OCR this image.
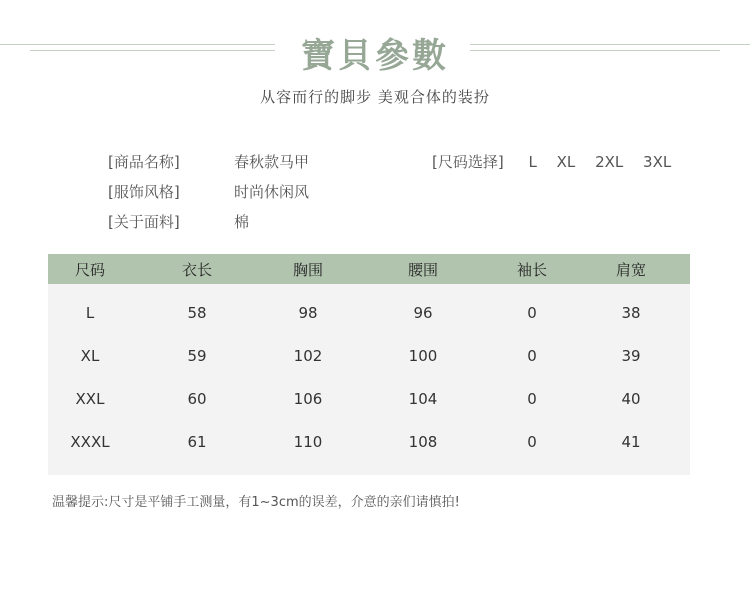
寶貝參數
从容而行的脚步 美观合体的装扮
[商品名称]	春秋款马甲
[服饰风格]	时尚休闲风
[关于面料]	棉
[尺码选择] L XL 2XL 3XL
尺码	衣长	胸围	腰围	袖长	肩宽
L	58	98	96	0	38
XL	59	102	100	0	39
XXL	60	106	104	0	40
XXXL	61	110	108	0	41
温馨提示:尺寸是平铺手工测量，有1~3cm的误差，介意的亲们请慎拍!
